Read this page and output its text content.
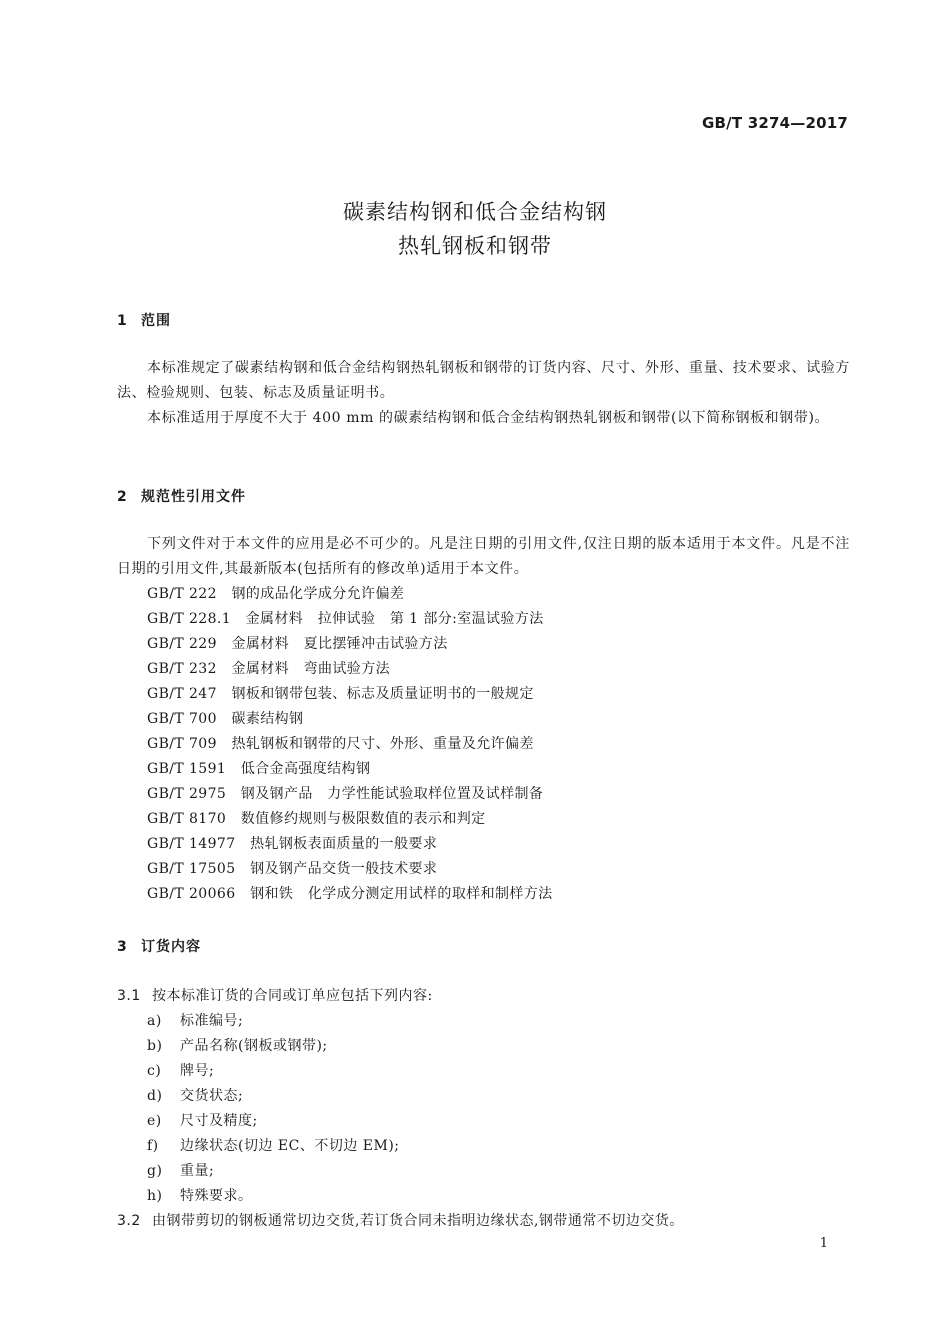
GB/T 3274—2017
碳素结构钢和低合金结构钢
热轧钢板和钢带
1 范围
本标准规定了碳素结构钢和低合金结构钢热轧钢板和钢带的订货内容、尺寸、外形、重量、技术要求、试验方法、检验规则、包装、标志及质量证明书。
本标准适用于厚度不大于 400 mm 的碳素结构钢和低合金结构钢热轧钢板和钢带(以下简称钢板和钢带)。
2 规范性引用文件
下列文件对于本文件的应用是必不可少的。凡是注日期的引用文件,仅注日期的版本适用于本文件。凡是不注日期的引用文件,其最新版本(包括所有的修改单)适用于本文件。
GB/T 222   钢的成品化学成分允许偏差
GB/T 228.1   金属材料   拉伸试验   第 1 部分:室温试验方法
GB/T 229   金属材料   夏比摆锤冲击试验方法
GB/T 232   金属材料   弯曲试验方法
GB/T 247   钢板和钢带包装、标志及质量证明书的一般规定
GB/T 700   碳素结构钢
GB/T 709   热轧钢板和钢带的尺寸、外形、重量及允许偏差
GB/T 1591   低合金高强度结构钢
GB/T 2975   钢及钢产品   力学性能试验取样位置及试样制备
GB/T 8170   数值修约规则与极限数值的表示和判定
GB/T 14977   热轧钢板表面质量的一般要求
GB/T 17505   钢及钢产品交货一般技术要求
GB/T 20066   钢和铁   化学成分测定用试样的取样和制样方法
3 订货内容
3.1 按本标准订货的合同或订单应包括下列内容:
a) 标准编号;
b) 产品名称(钢板或钢带);
c) 牌号;
d) 交货状态;
e) 尺寸及精度;
f) 边缘状态(切边 EC、不切边 EM);
g) 重量;
h) 特殊要求。
3.2 由钢带剪切的钢板通常切边交货,若订货合同未指明边缘状态,钢带通常不切边交货。
1
